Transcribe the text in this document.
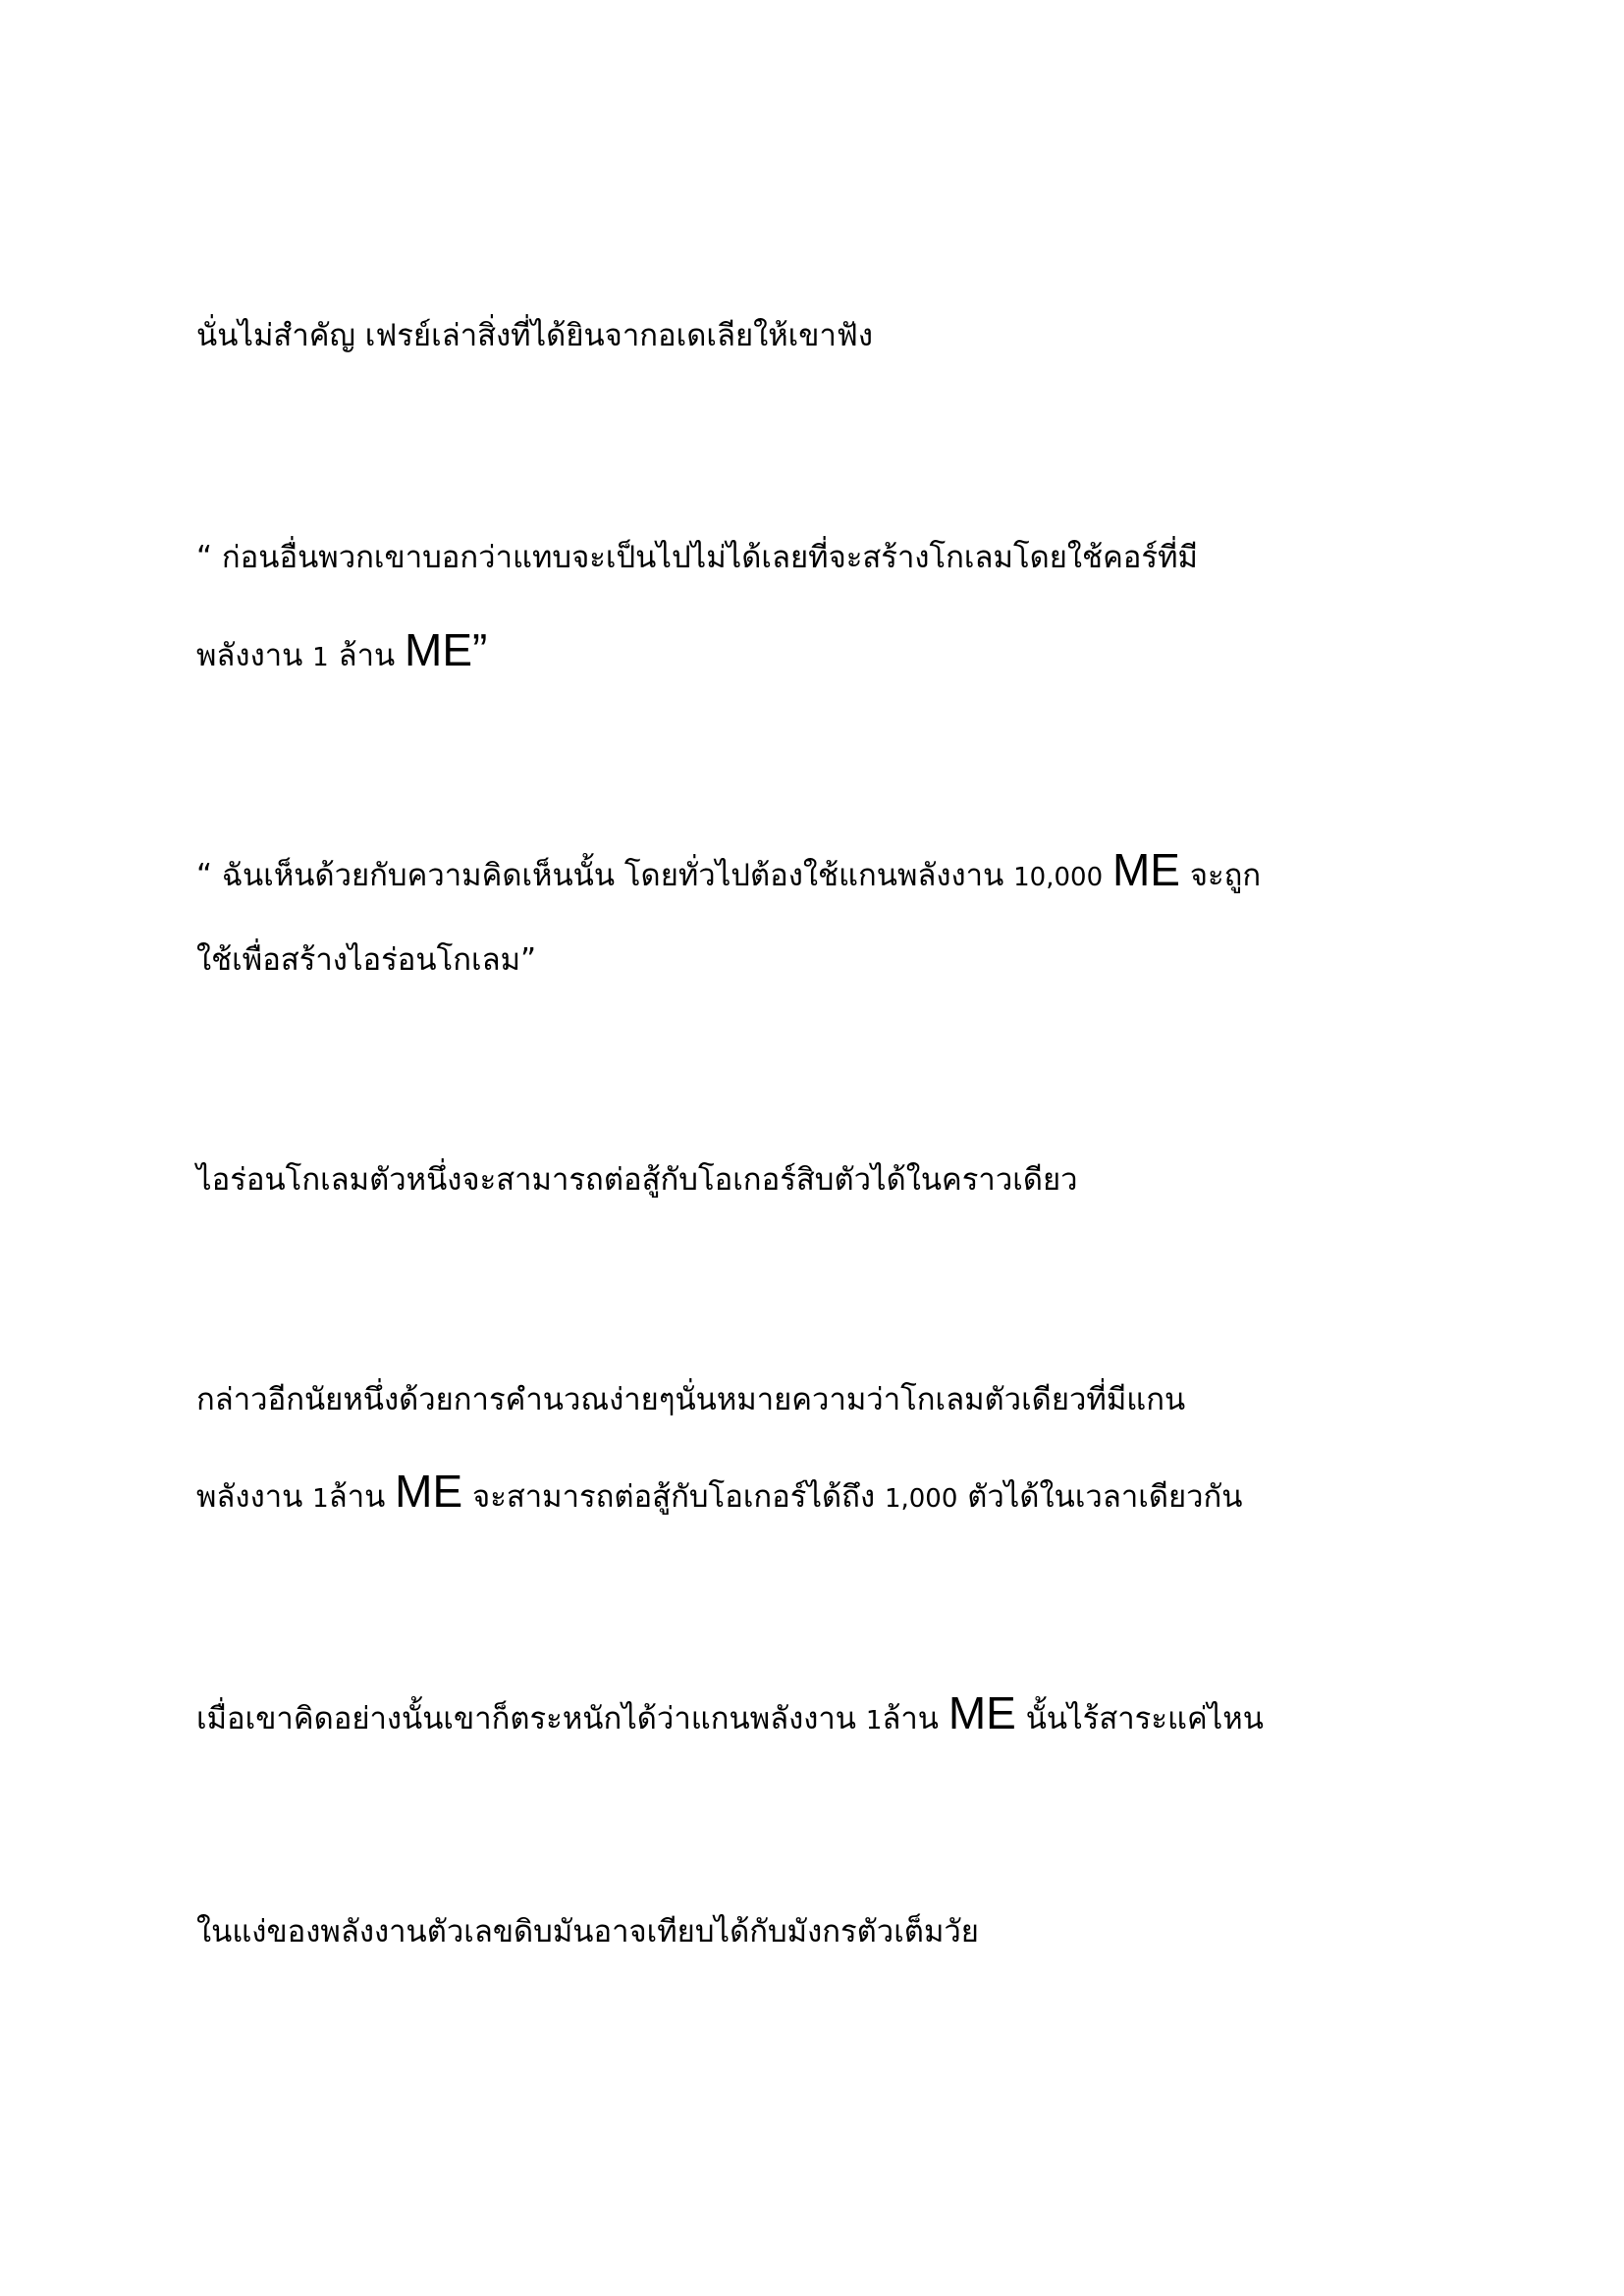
นั่นไม่สำคัญ เฟรย์เล่าสิ่งที่ได้ยินจากอเดเลียให้เขาฟัง
“ ก่อนอื่นพวกเขาบอกว่าแทบจะเป็นไปไม่ได้เลยที่จะสร้างโกเลมโดยใช้คอร์ที่มี
พลังงาน 1 ล้าน ME”
“ ฉันเห็นด้วยกับความคิดเห็นนั้น โดยทั่วไปต้องใช้แกนพลังงาน 10,000 ME จะถูก
ใช้เพื่อสร้างไอร่อนโกเลม”
ไอร่อนโกเลมตัวหนึ่งจะสามารถต่อสู้กับโอเกอร์สิบตัวได้ในคราวเดียว
กล่าวอีกนัยหนึ่งด้วยการคำนวณง่ายๆนั่นหมายความว่าโกเลมตัวเดียวที่มีแกน
พลังงาน 1ล้าน ME จะสามารถต่อสู้กับโอเกอร์ได้ถึง 1,000 ตัวได้ในเวลาเดียวกัน
เมื่อเขาคิดอย่างนั้นเขาก็ตระหนักได้ว่าแกนพลังงาน 1ล้าน ME นั้นไร้สาระแค่ไหน
ในแง่ของพลังงานตัวเลขดิบมันอาจเทียบได้กับมังกรตัวเต็มวัย
